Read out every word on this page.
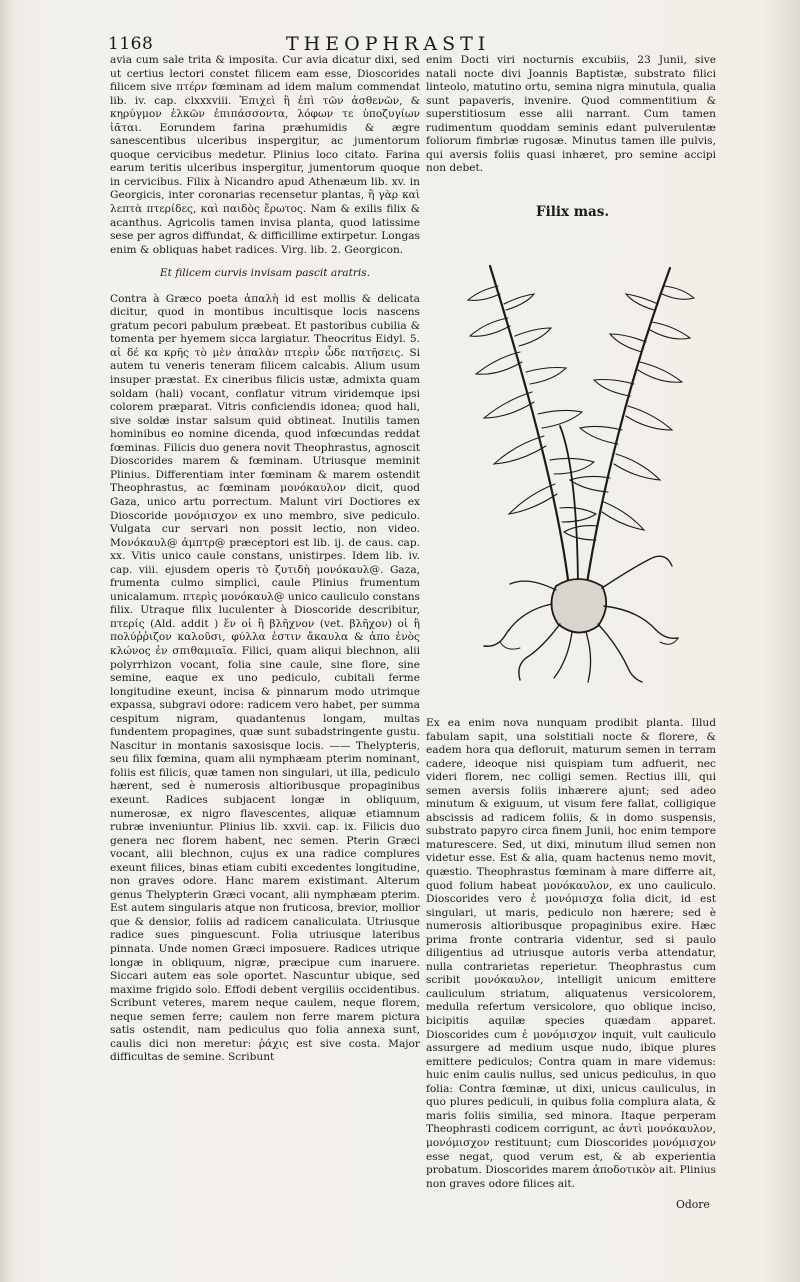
1168	THEOPHRASTI

avia cum sale trita & imposita. Cur avia dicatur dixi, sed ut certius lectori constet filicem eam esse, Dioscorides filicem sive πτέρν fœminam ad idem malum commendat lib. iv. cap. clxxxviii. Ἐπιχεὶ ἢ ἐπὶ τῶν ἀσθενῶν, & κηρύγμον ἑλκῶν ἐπιπάσσοντα, λόφων τε ὑποζυγίων ἰᾶται. Eorundem farina præhumidis & ægre sanescentibus ulceribus inspergitur, ac jumentorum quoque cervicibus medetur. Plinius loco citato. Farina earum teritis ulceribus inspergitur, jumentorum quoque in cervicibus. Filix à Nicandro apud Athenæum lib. xv. in Georgicis, inter coronarias recensetur plantas, ἢ γὰρ καὶ λεπτὰ πτερίδες, καὶ παιδὸς ἔρωτος. Nam & exilis filix & acanthus. Agricolis tamen invisa planta, quod latissime sese per agros diffundat, & difficillime extirpetur. Longas enim & obliquas habet radices. Virg. lib. 2. Georgicon.

Et filicem curvis invisam pascit aratris.

Contra à Græco poeta ἁπαλὴ id est mollis & delicata dicitur, quod in montibus incultisque locis nascens gratum pecori pabulum præbeat. Et pastoribus cubilia & tomenta per hyemem sicca largiatur. Theocritus Eidyl. 5. αἰ δέ κα κρῆς τὸ μὲν ἁπαλὰν πτερὶν ὧδε πατῆσεις. Si autem tu veneris teneram filicem calcabis. Alium usum insuper præstat. Ex cineribus filicis ustæ, admixta quam soldam (hali) vocant, conflatur vitrum viridemque ipsi colorem præparat. Vitris conficiendis idonea; quod hali, sive soldæ instar salsum quid obtineat. Inutilis tamen hominibus eo nomine dicenda, quod infœcundas reddat fœminas. Filicis duo genera novit Theophrastus, agnoscit Dioscorides marem & fœminam. Utriusque meminit Plinius. Differentiam inter fœminam & marem ostendit Theophrastus, ac fœminam μονόκαυλον dicit, quod Gaza, unico artu porrectum. Malunt viri Doctiores ex Dioscoride μονόμισχον ex uno membro, sive pediculo. Vulgata cur servari non possit lectio, non video. Μονόκαυλ@ ἀμπτρ@ præceptori est lib. ij. de caus. cap. xx. Vitis unico caule constans, unistirpes. Idem lib. iv. cap. viii. ejusdem operis τὸ ζυτιδὴ μονόκαυλ@. Gaza, frumenta culmo simplici, caule Plinius frumentum unicalamum. πτερὶς μονόκαυλ@ unico cauliculo constans filix. Utraque filix luculenter à Dioscoride describitur, πτερίς (Ald. addit ) ἔν οἱ ἢ βλῆχνον (vet. βλῆχον) οἱ ἢ πολύῤῥιζον καλοῦσι, φύλλα ἐστιν ἄκαυλα & ἀπο ἑνὸς κλώνος ἐν σπιθαμιαῖα. Filici, quam aliqui blechnon, alii polyrrhizon vocant, folia sine caule, sine flore, sine semine, eaque ex uno pediculo, cubitali ferme longitudine exeunt, incisa & pinnarum modo utrimque expassa, subgravi odore: radicem vero habet, per summa cespitum nigram, quadantenus longam, multas fundentem propagines, quæ sunt subadstringente gustu. Nascitur in montanis saxosisque locis. —— Thelypteris, seu filix fœmina, quam alii nymphæam pterim nominant, foliis est filicis, quæ tamen non singulari, ut illa, pediculo hærent, sed è numerosis altioribusque propaginibus exeunt. Radices subjacent longæ in obliquum, numerosæ, ex nigro flavescentes, aliquæ etiamnum rubræ inveniuntur. Plinius lib. xxvii. cap. ix. Filicis duo genera nec florem habent, nec semen. Pterin Græci vocant, alii blechnon, cujus ex una radice complures exeunt filices, binas etiam cubiti excedentes longitudine, non graves odore. Hanc marem existimant. Alterum genus Thelypterin Græci vocant, alii nymphæam pterim. Est autem singularis atque non fruticosa, brevior, mollior que & densior, foliis ad radicem canaliculata. Utriusque radice sues pinguescunt. Folia utriusque lateribus pinnata. Unde nomen Græci imposuere. Radices utrique longæ in obliquum, nigræ, præcipue cum inaruere. Siccari autem eas sole oportet. Nascuntur ubique, sed maxime frigido solo. Effodi debent vergiliis occidentibus. Scribunt veteres, marem neque caulem, neque florem, neque semen ferre; caulem non ferre marem pictura satis ostendit, nam pediculus quo folia annexa sunt, caulis dici non meretur: ῥάχις est sive costa. Major difficultas de semine. Scribunt

enim Docti viri nocturnis excubiis, 23 Junii, sive natali nocte divi Joannis Baptistæ, substrato filici linteolo, matutino ortu, semina nigra minutula, qualia sunt papaveris, invenire. Quod commentitium & superstitiosum esse alii narrant. Cum tamen rudimentum quoddam seminis edant pulverulentæ foliorum fimbriæ rugosæ. Minutus tamen ille pulvis, qui aversis foliis quasi inhæret, pro semine accipi non debet.

Filix mas.

Ex ea enim nova nunquam prodibit planta. Illud fabulam sapit, una solstitiali nocte & florere, & eadem hora qua defloruit, maturum semen in terram cadere, ideoque nisi quispiam tum adfuerit, nec videri florem, nec colligi semen. Rectius illi, qui semen aversis foliis inhærere ajunt; sed adeo minutum & exiguum, ut visum fere fallat, colligique abscissis ad radicem foliis, & in domo suspensis, substrato papyro circa finem Junii, hoc enim tempore maturescere. Sed, ut dixi, minutum illud semen non videtur esse. Est & alia, quam hactenus nemo movit, quæstio. Theophrastus fœminam à mare differre ait, quod folium habeat μονόκαυλον, ex uno cauliculo. Dioscorides vero ἐ μονόμισχα folia dicit, id est singulari, ut maris, pediculo non hærere; sed è numerosis altioribusque propaginibus exire. Hæc prima fronte contraria videntur, sed si paulo diligentius ad utriusque autoris verba attendatur, nulla contrarietas reperietur. Theophrastus cum scribit μονόκαυλον, intelligit unicum emittere cauliculum striatum, aliquatenus versicolorem, medulla refertum versicolore, quo oblique inciso, bicipitis aquilæ species quædam apparet. Dioscorides cum ἐ μονόμισχον inquit, vult cauliculo assurgere ad medium usque nudo, ibique plures emittere pediculos; Contra quam in mare videmus: huic enim caulis nullus, sed unicus pediculus, in quo folia: Contra fœminæ, ut dixi, unicus cauliculus, in quo plures pediculi, in quibus folia complura alata, & maris foliis similia, sed minora. Itaque perperam Theophrasti codicem corrigunt, ac ἀντὶ μονόκαυλον, μονόμισχον restituunt; cum Dioscorides μονόμισχον esse negat, quod verum est, & ab experientia probatum. Dioscorides marem ἀποδοτικὸν ait. Plinius non graves odore filices ait.

Odore
